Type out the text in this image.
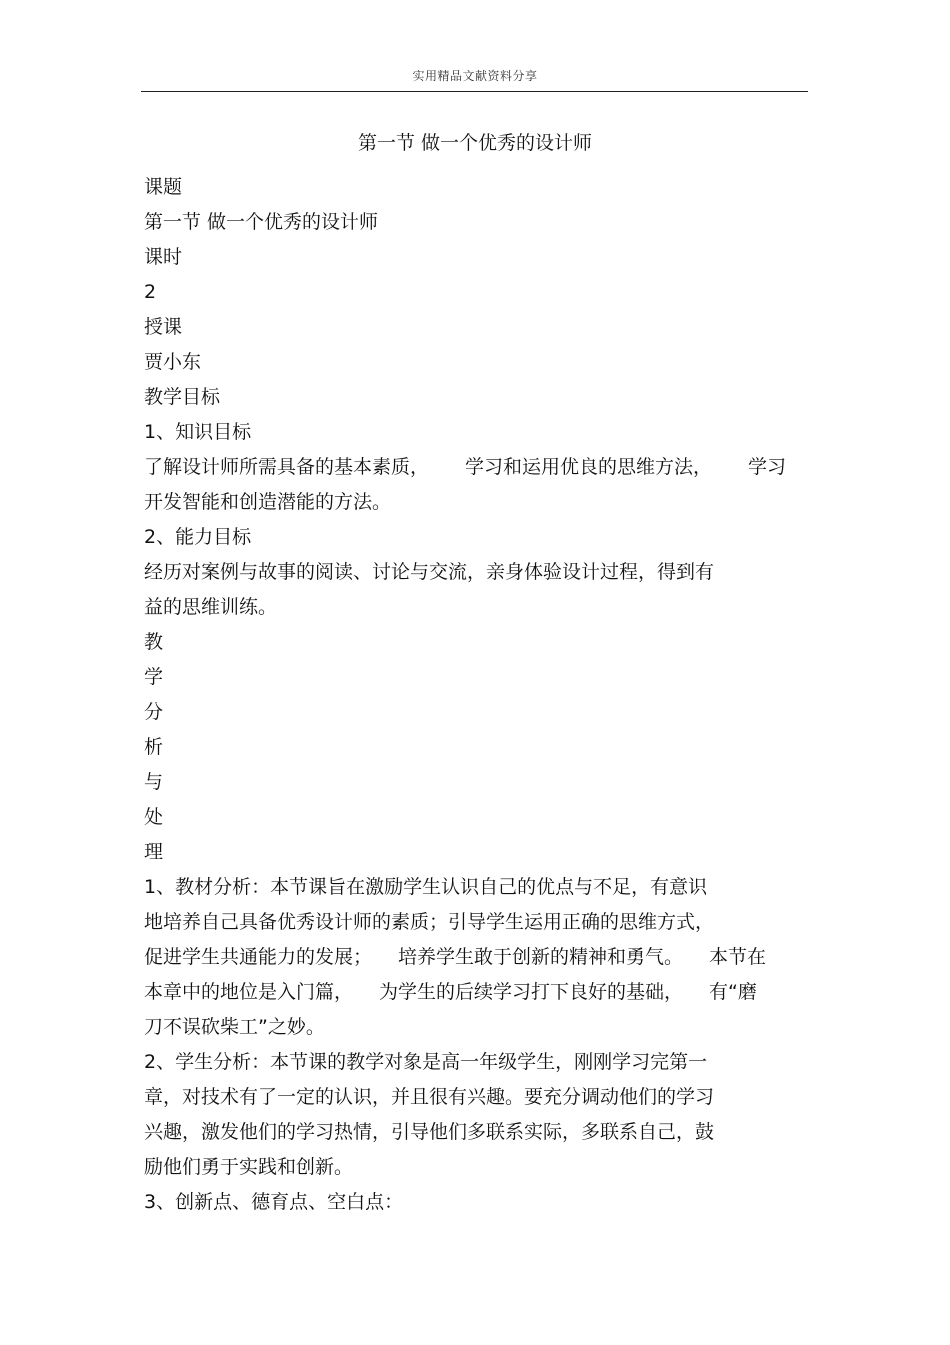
实用精品文献资料分享
第一节 做一个优秀的设计师
课题
第一节 做一个优秀的设计师
课时
2
授课
贾小东
教学目标
1、知识目标
了解设计师所需具备的基本素质， 学习和运用优良的思维方法， 学习
开发智能和创造潜能的方法。
2、能力目标
经历对案例与故事的阅读、讨论与交流，亲身体验设计过程，得到有
益的思维训练。
教
学
分
析
与
处
理
1、教材分析：本节课旨在激励学生认识自己的优点与不足，有意识
地培养自己具备优秀设计师的素质；引导学生运用正确的思维方式，
促进学生共通能力的发展； 培养学生敢于创新的精神和勇气。 本节在
本章中的地位是入门篇， 为学生的后续学习打下良好的基础， 有“磨
刀不误砍柴工”之妙。
2、学生分析：本节课的教学对象是高一年级学生，刚刚学习完第一
章，对技术有了一定的认识，并且很有兴趣。要充分调动他们的学习
兴趣，激发他们的学习热情，引导他们多联系实际，多联系自己，鼓
励他们勇于实践和创新。
3、创新点、德育点、空白点：
